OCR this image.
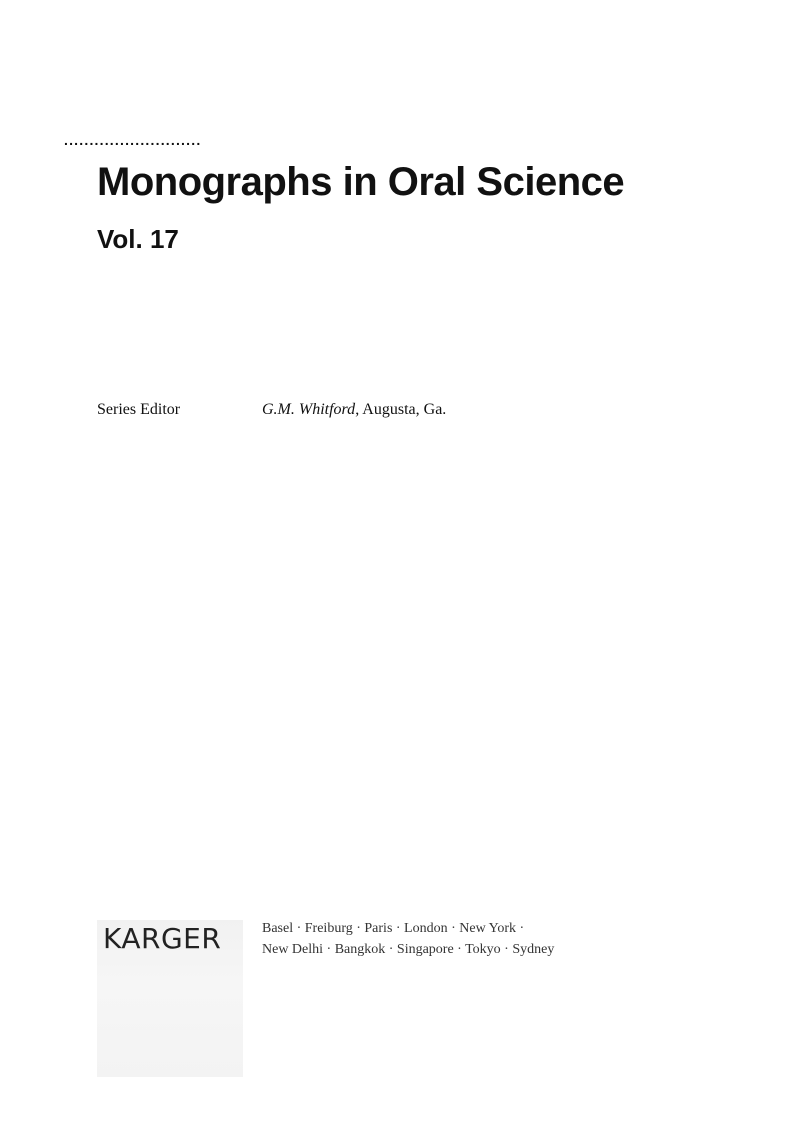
...........................
Monographs in Oral Science
Vol. 17
Series Editor	G.M. Whitford, Augusta, Ga.
KARGER	Basel · Freiburg · Paris · London · New York ·
New Delhi · Bangkok · Singapore · Tokyo · Sydney
